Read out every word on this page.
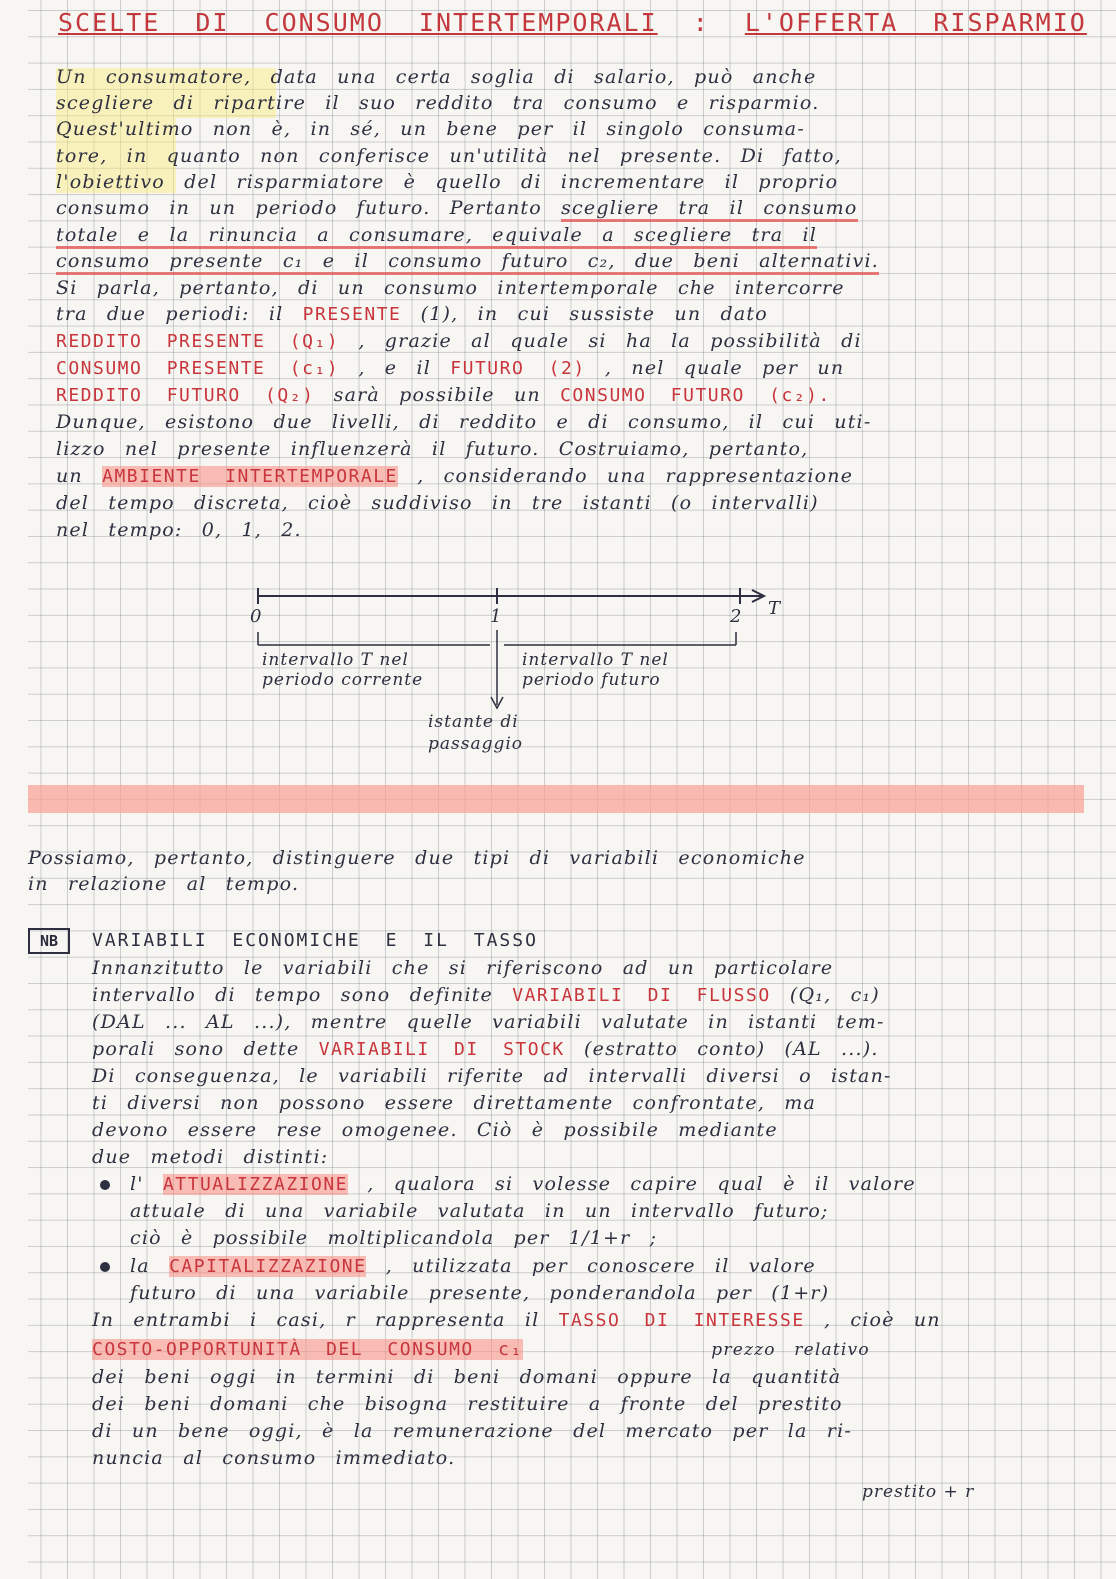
SCELTE DI CONSUMO INTERTEMPORALI : L'OFFERTA RISPARMIO
Un consumatore, data una certa soglia di salario, può anche
scegliere di ripartire il suo reddito tra consumo e risparmio.
Quest'ultimo non è, in sé, un bene per il singolo consuma-
tore, in quanto non conferisce un'utilità nel presente. Di fatto,
l'obiettivo del risparmiatore è quello di incrementare il proprio
consumo in un periodo futuro. Pertanto scegliere tra il consumo
totale e la rinuncia a consumare, equivale a scegliere tra il
consumo presente c₁ e il consumo futuro c₂, due beni alternativi.
Si parla, pertanto, di un consumo intertemporale che intercorre
tra due periodi: il PRESENTE (1), in cui sussiste un dato
REDDITO PRESENTE (Q₁) , grazie al quale si ha la possibilità di
CONSUMO PRESENTE (c₁) , e il FUTURO (2) , nel quale per un
REDDITO FUTURO (Q₂) sarà possibile un CONSUMO FUTURO (c₂).
Dunque, esistono due livelli, di reddito e di consumo, il cui uti-
lizzo nel presente influenzerà il futuro. Costruiamo, pertanto,
un AMBIENTE INTERTEMPORALE , considerando una rappresentazione
del tempo discreta, cioè suddiviso in tre istanti (o intervalli)
nel tempo: 0, 1, 2.
0	1	2 T
intervallo T nel
periodo corrente
intervallo T nel
periodo futuro
istante di
passaggio
Possiamo, pertanto, distinguere due tipi di variabili economiche
in relazione al tempo.
NB	VARIABILI ECONOMICHE E IL TASSO
Innanzitutto le variabili che si riferiscono ad un particolare
intervallo di tempo sono definite VARIABILI DI FLUSSO (Q₁, c₁)
(DAL ... AL ...), mentre quelle variabili valutate in istanti tem-
porali sono dette VARIABILI DI STOCK (estratto conto) (AL ...).
Di conseguenza, le variabili riferite ad intervalli diversi o istan-
ti diversi non possono essere direttamente confrontate, ma
devono essere rese omogenee. Ciò è possibile mediante
due metodi distinti:
l' ATTUALIZZAZIONE , qualora si volesse capire qual è il valore
attuale di una variabile valutata in un intervallo futuro;
ciò è possibile moltiplicandola per 1/1+r ;
la CAPITALIZZAZIONE , utilizzata per conoscere il valore
futuro di una variabile presente, ponderandola per (1+r)
In entrambi i casi, r rappresenta il TASSO DI INTERESSE , cioè un
COSTO-OPPORTUNITÀ DEL CONSUMO c₁	prezzo relativo
dei beni oggi in termini di beni domani oppure la quantità
dei beni domani che bisogna restituire a fronte del prestito
di un bene oggi, è la remunerazione del mercato per la ri-
nuncia al consumo immediato.
prestito + r
